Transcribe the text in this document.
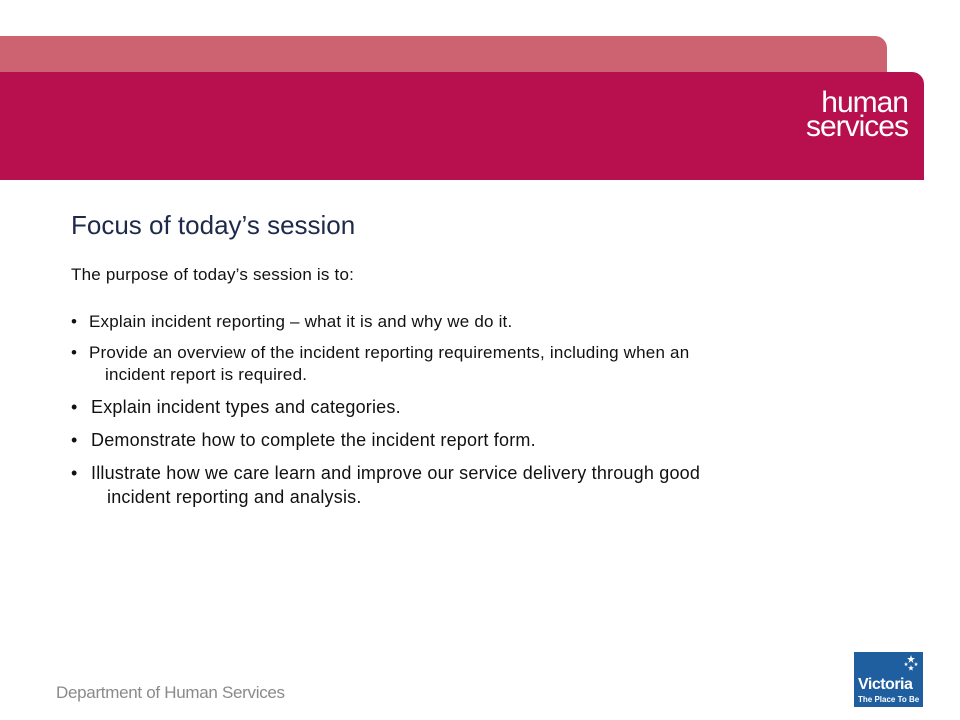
human
services
Focus of today’s session
The purpose of today’s session is to:
• Explain incident reporting – what it is and why we do it.
• Provide an overview of the incident reporting requirements, including when an
incident report is required.
• Explain incident types and categories.
• Demonstrate how to complete the incident report form.
• Illustrate how we care learn and improve our service delivery through good
incident reporting and analysis.
Department of Human Services	Victoria
The Place To Be
